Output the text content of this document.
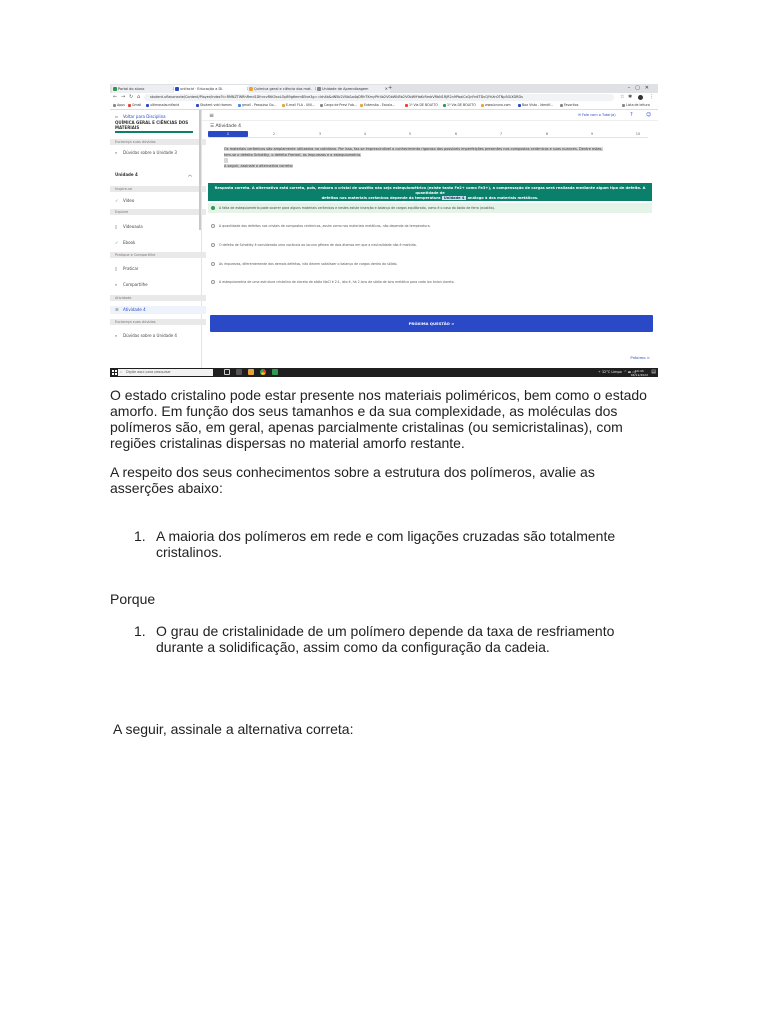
Portal do aluno	unifacid · Educação a Di.	Química geral e ciência dos mat.	Unidade de Aprendizagem	× +	–▢✕
← → ↻ ⌂	student.uflaconecte/Content/Player/Index?t=RMNZTWRhRmd1DfrvcvRtK0xxLOp89g6mmB5ve3g==bh4b&dN5b2V0b&a4qDRhTKmyPfr4b2V0bWN5b2V0bW9YaKrRmbVRbN1RjR2n9PbalCxQnFrdlTDvQYhXn0TNp5GiXDRDs	☆ ✱	⋮
Apps	Gmail	ultimasalaunifacid	Student vdd rtomes	gmail - Pesquisa Go...	E-mail FLA - UNI...	Cargo de Previ Fob...	Extensão - Escola...	1º Via DE BOLETO	1º Via DE BOLETO	www.bruno.com	Boa Vista - Identif...	Favoritos	Lista de leitura
⇐ Voltar para Disciplina
QUÍMICA GERAL E CIÊNCIAS DOS MATERIAIS
Esclareça suas dúvidas
⌕ Dúvidas sobre a Unidade 3
Unidade 4	︿
Inspire-se
✓ Vídeo
Explore
▯ Videoaula
✓ Ebook
Pratique e Compartilhe
▯ Praticar
⌕ Compartilhe
Atividade
☰ Atividade 4
Esclareça suas dúvidas
⌕ Dúvidas sobre a Unidade 4
≡	✉ Fale com o Tutor(a)	?	☺
☰ Atividade 4
1	2	3	4	5	6	7	8	9	10
Os materiais cerâmicos são amplamente utilizados no cotidiano. Por isso, faz-se imprescindível o conhecimento rigoroso das possíveis imperfeições presentes nos compostos cerâmicos e suas nuances. Dentre estas,
tem-se o defeito Schottky, o defeito Frenkel, as impurezas e a estequiometria.
A seguir, assinale a alternativa correta:
Resposta correta. A alternativa está correta, pois, embora o cristal de wustita não seja estequiométrico (existe tanto Fe2+ como Fe3+), a compensação de cargas será realizada mediante algum tipo de defeito. A quantidade de
defeitos nos materiais cerâmicos depende da temperatura Unidade 4 análogo à dos materiais metálicos.
A falta de estequiometria pode ocorrer para alguns materiais cerâmicos e nestes existe inserção e balanço de cargas equilibrado, como é o caso do óxido de ferro (wustita).
A quantidade dos defeitos nos cristais de compostos cerâmicos, assim como nos materiais metálicos, não depende da temperatura.
O defeito de Schottky é considerado uma vacância ao lacuna gêmea de dois átomos em que a neutralidade não é mantida.
As impurezas, diferentemente dos demais defeitos, não devem satisfazer o balanço de cargas dentro do sólido.
A estequiometria de uma estrutura cristalina de cloreto de sódio NaCl é 2:1, isto é, há 2 íons de sódio de íons metálico para cada íon ânion cloreto.
PRÓXIMA QUESTÃO >
Próximo >
⌕ Digite aqui para pesquisar	☀ 32°C Limpo  ^ ▬ ◁) 10:40
04/11/2022 ▤
O estado cristalino pode estar presente nos materiais poliméricos, bem como o estado amorfo. Em função dos seus tamanhos e da sua complexidade, as moléculas dos polímeros são, em geral, apenas parcialmente cristalinas (ou semicristalinas), com regiões cristalinas dispersas no material amorfo restante.
A respeito dos seus conhecimentos sobre a estrutura dos polímeros, avalie as asserções abaixo:
1. A maioria dos polímeros em rede e com ligações cruzadas são totalmente cristalinos.
Porque
1. O grau de cristalinidade de um polímero depende da taxa de resfriamento durante a solidificação, assim como da configuração da cadeia.
A seguir, assinale a alternativa correta:
